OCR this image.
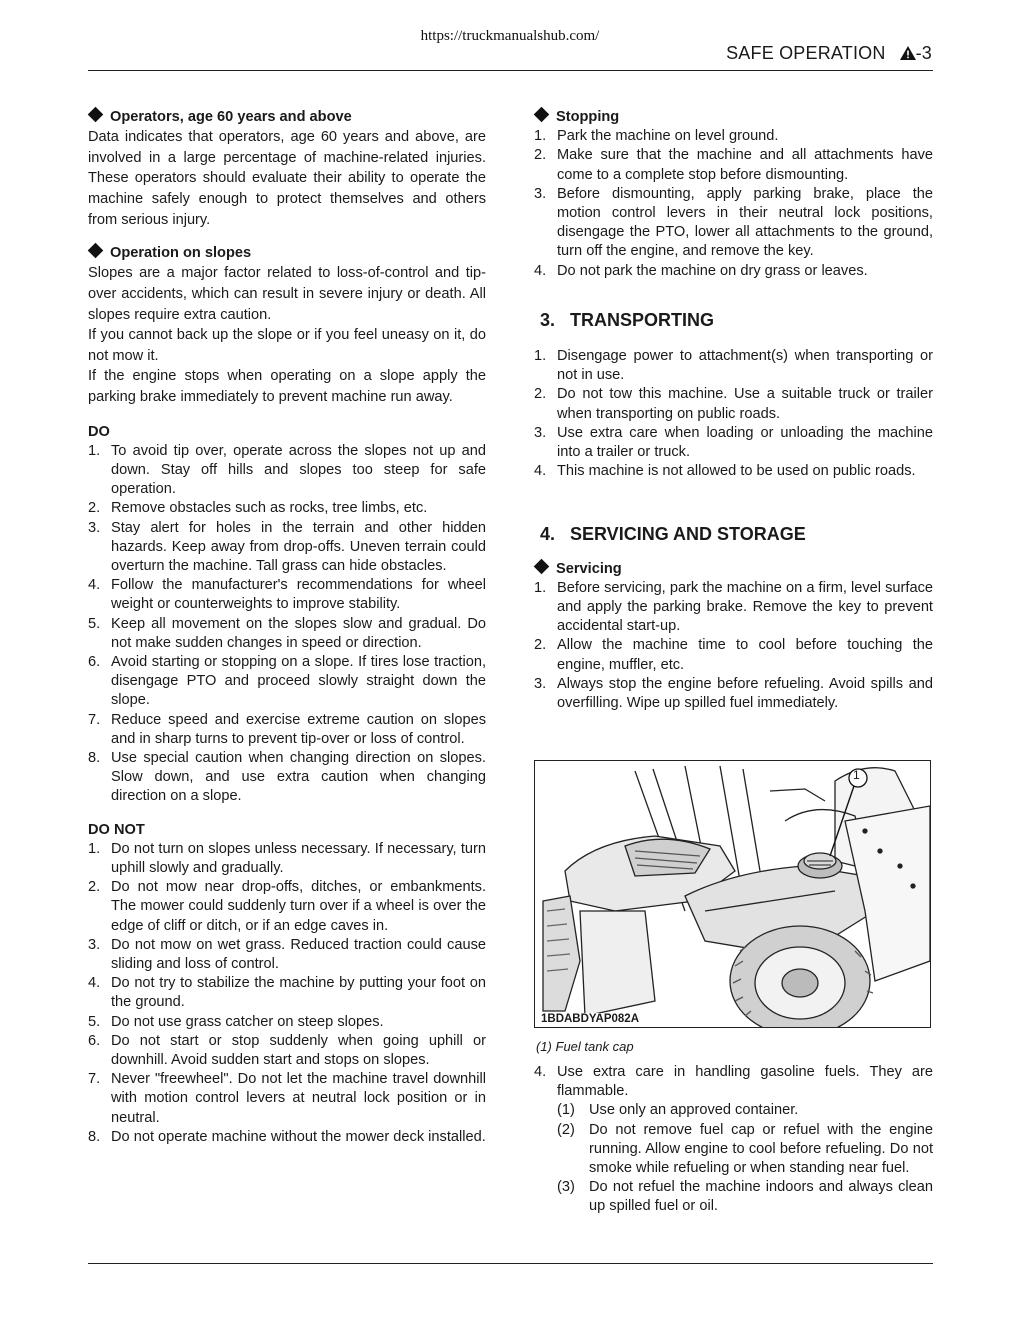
https://truckmanualshub.com/
SAFE OPERATION -3

Operators, age 60 years and above

Data indicates that operators, age 60 years and above, are involved in a large percentage of machine-related injuries. These operators should evaluate their ability to operate the machine safely enough to protect themselves and others from serious injury.

Operation on slopes

Slopes are a major factor related to loss-of-control and tip-over accidents, which can result in severe injury or death. All slopes require extra caution.

If you cannot back up the slope or if you feel uneasy on it, do not mow it.

If the engine stops when operating on a slope apply the parking brake immediately to prevent machine run away.

DO

1. To avoid tip over, operate across the slopes not up and down. Stay off hills and slopes too steep for safe operation.
2. Remove obstacles such as rocks, tree limbs, etc.
3. Stay alert for holes in the terrain and other hidden hazards. Keep away from drop-offs. Uneven terrain could overturn the machine. Tall grass can hide obstacles.
4. Follow the manufacturer's recommendations for wheel weight or counterweights to improve stability.
5. Keep all movement on the slopes slow and gradual. Do not make sudden changes in speed or direction.
6. Avoid starting or stopping on a slope. If tires lose traction, disengage PTO and proceed slowly straight down the slope.
7. Reduce speed and exercise extreme caution on slopes and in sharp turns to prevent tip-over or loss of control.
8. Use special caution when changing direction on slopes. Slow down, and use extra caution when changing direction on a slope.

DO NOT

1. Do not turn on slopes unless necessary. If necessary, turn uphill slowly and gradually.
2. Do not mow near drop-offs, ditches, or embankments. The mower could suddenly turn over if a wheel is over the edge of cliff or ditch, or if an edge caves in.
3. Do not mow on wet grass. Reduced traction could cause sliding and loss of control.
4. Do not try to stabilize the machine by putting your foot on the ground.
5. Do not use grass catcher on steep slopes.
6. Do not start or stop suddenly when going uphill or downhill. Avoid sudden start and stops on slopes.
7. Never "freewheel". Do not let the machine travel downhill with motion control levers at neutral lock position or in neutral.
8. Do not operate machine without the mower deck installed.

Stopping

1. Park the machine on level ground.
2. Make sure that the machine and all attachments have come to a complete stop before dismounting.
3. Before dismounting, apply parking brake, place the motion control levers in their neutral lock positions, disengage the PTO, lower all attachments to the ground, turn off the engine, and remove the key.
4. Do not park the machine on dry grass or leaves.

3. TRANSPORTING

1. Disengage power to attachment(s) when transporting or not in use.
2. Do not tow this machine. Use a suitable truck or trailer when transporting on public roads.
3. Use extra care when loading or unloading the machine into a trailer or truck.
4. This machine is not allowed to be used on public roads.

4. SERVICING AND STORAGE

Servicing

1. Before servicing, park the machine on a firm, level surface and apply the parking brake. Remove the key to prevent accidental start-up.
2. Allow the machine time to cool before touching the engine, muffler, etc.
3. Always stop the engine before refueling. Avoid spills and overfilling. Wipe up spilled fuel immediately.
1
1BDABDYAP082A
(1) Fuel tank cap
4. Use extra care in handling gasoline fuels. They are flammable.
(1) Use only an approved container.
(2) Do not remove fuel cap or refuel with the engine running. Allow engine to cool before refueling. Do not smoke while refueling or when standing near fuel.
(3) Do not refuel the machine indoors and always clean up spilled fuel or oil.
